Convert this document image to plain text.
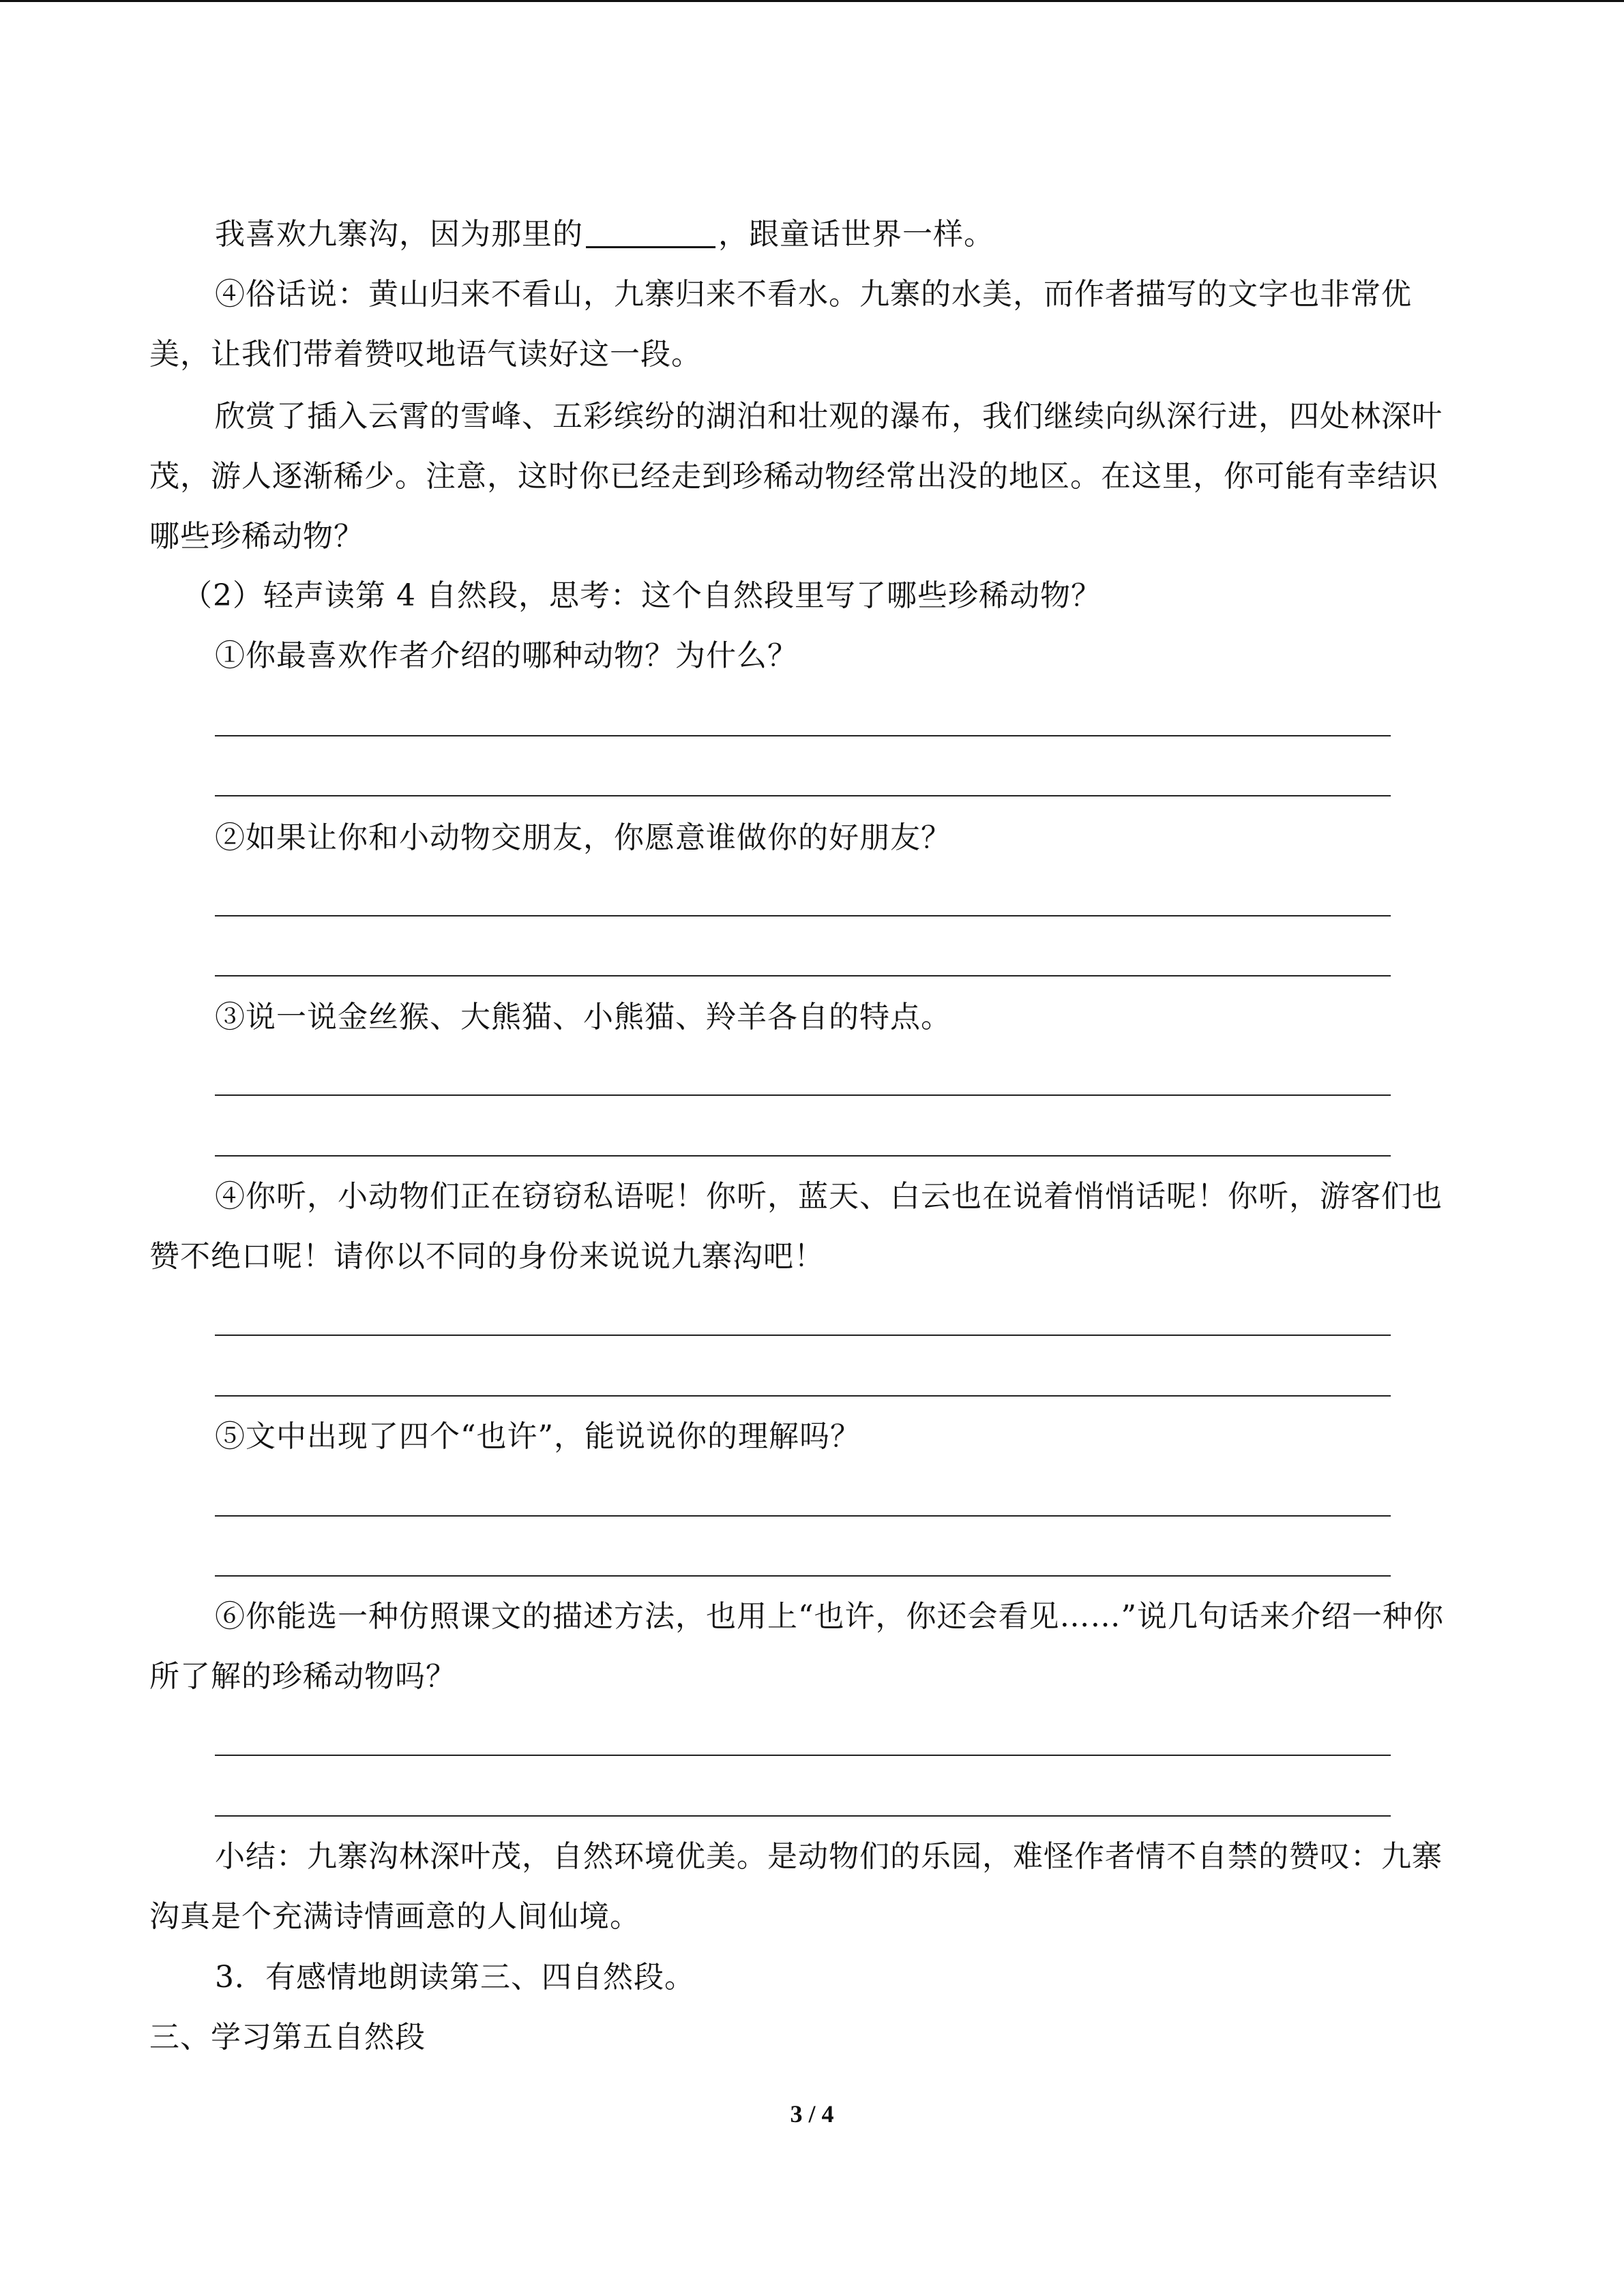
我喜欢九寨沟，因为那里的	，跟童话世界一样。

④俗话说：黄山归来不看山，九寨归来不看水。九寨的水美，而作者描写的文字也非常优美，让我们带着赞叹地语气读好这一段。

欣赏了插入云霄的雪峰、五彩缤纷的湖泊和壮观的瀑布，我们继续向纵深行进，四处林深叶茂，游人逐渐稀少。注意，这时你已经走到珍稀动物经常出没的地区。在这里，你可能有幸结识哪些珍稀动物？

（2）轻声读第 4 自然段，思考：这个自然段里写了哪些珍稀动物？

①你最喜欢作者介绍的哪种动物？为什么？

②如果让你和小动物交朋友，你愿意谁做你的好朋友？

③说一说金丝猴、大熊猫、小熊猫、羚羊各自的特点。

④你听，小动物们正在窃窃私语呢！你听，蓝天、白云也在说着悄悄话呢！你听，游客们也赞不绝口呢！请你以不同的身份来说说九寨沟吧！

⑤文中出现了四个“也许”，能说说你的理解吗？

⑥你能选一种仿照课文的描述方法，也用上“也许，你还会看见……”说几句话来介绍一种你所了解的珍稀动物吗？

小结：九寨沟林深叶茂，自然环境优美。是动物们的乐园，难怪作者情不自禁的赞叹：九寨沟真是个充满诗情画意的人间仙境。

3．有感情地朗读第三、四自然段。

三、学习第五自然段

3 / 4
